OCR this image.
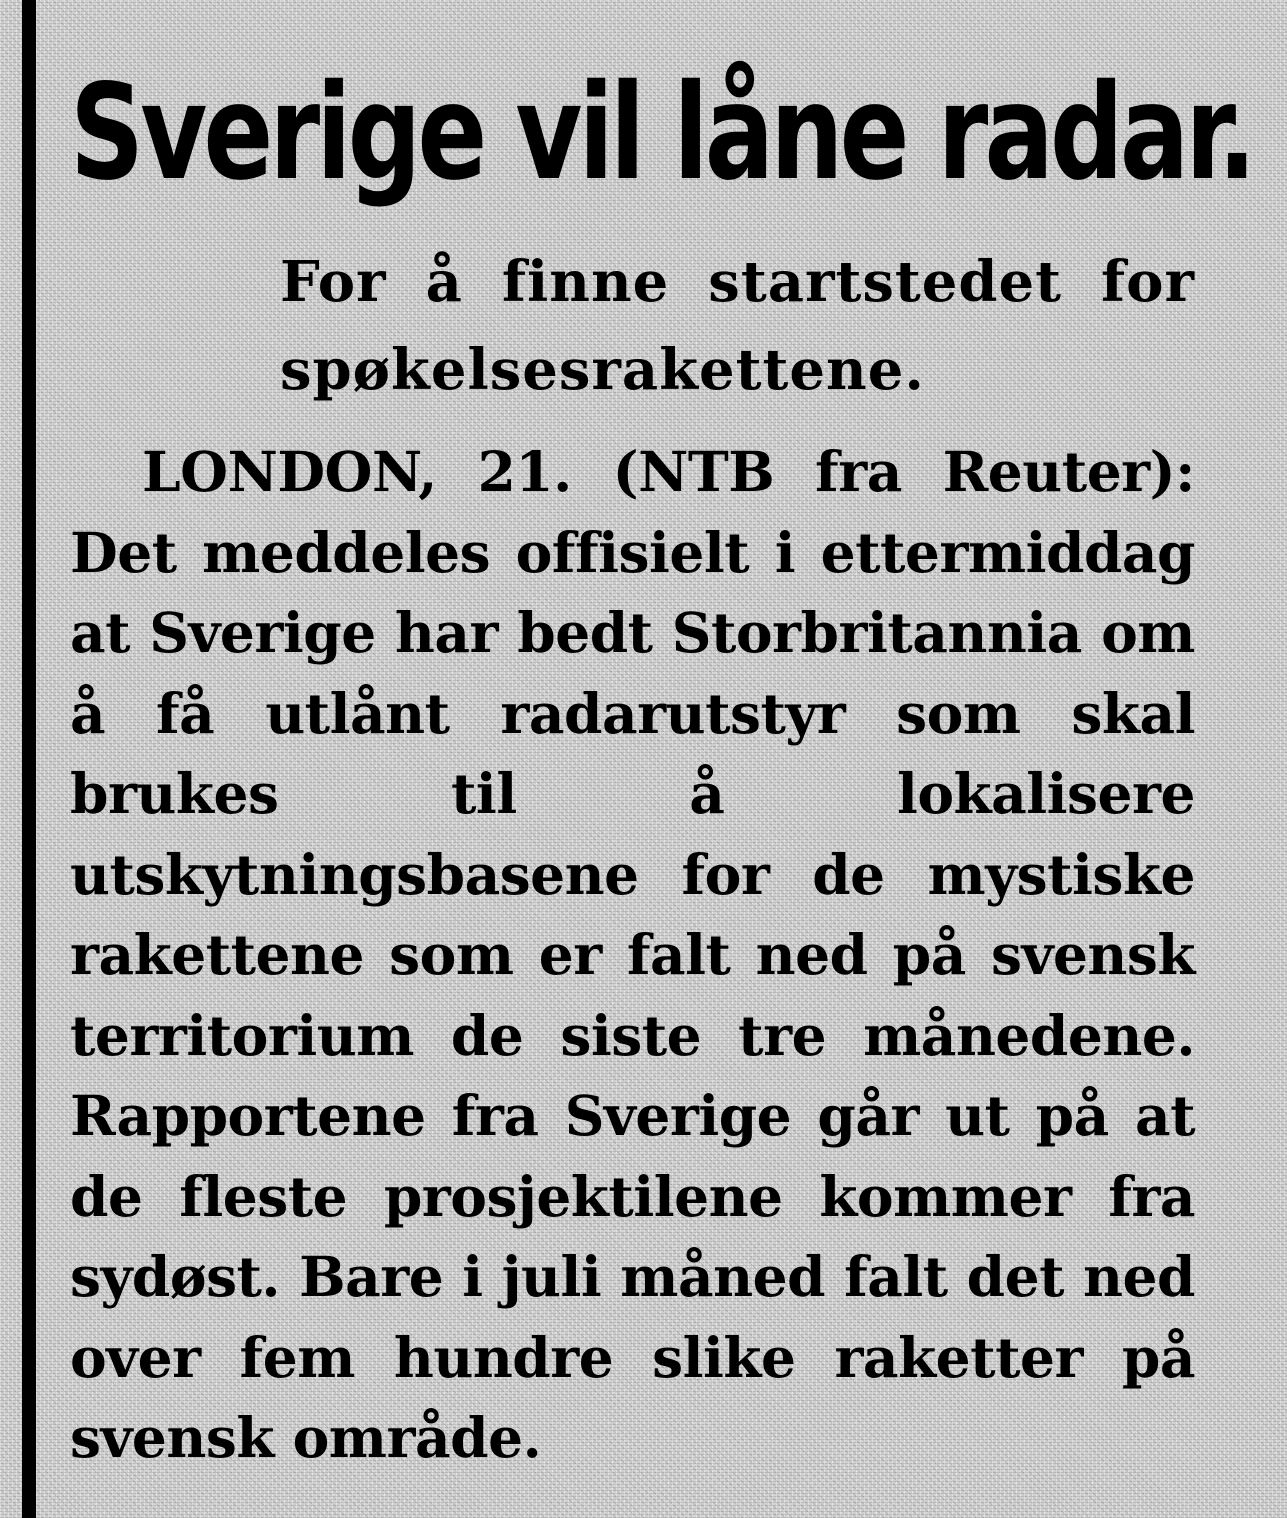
Sverige vil låne radar.
For å finne startstedet for spøkelsesrakettene.

LONDON, 21. (NTB fra Reuter): Det meddeles offisielt i ettermiddag at Sverige har bedt Storbritannia om å få utlånt radarutstyr som skal brukes til å lokalisere utskytningsbasene for de mystiske rakettene som er falt ned på svensk territorium de siste tre månedene. Rapportene fra Sverige går ut på at de fleste prosjektilene kommer fra sydøst. Bare i juli måned falt det ned over fem hundre slike raketter på svensk område.
